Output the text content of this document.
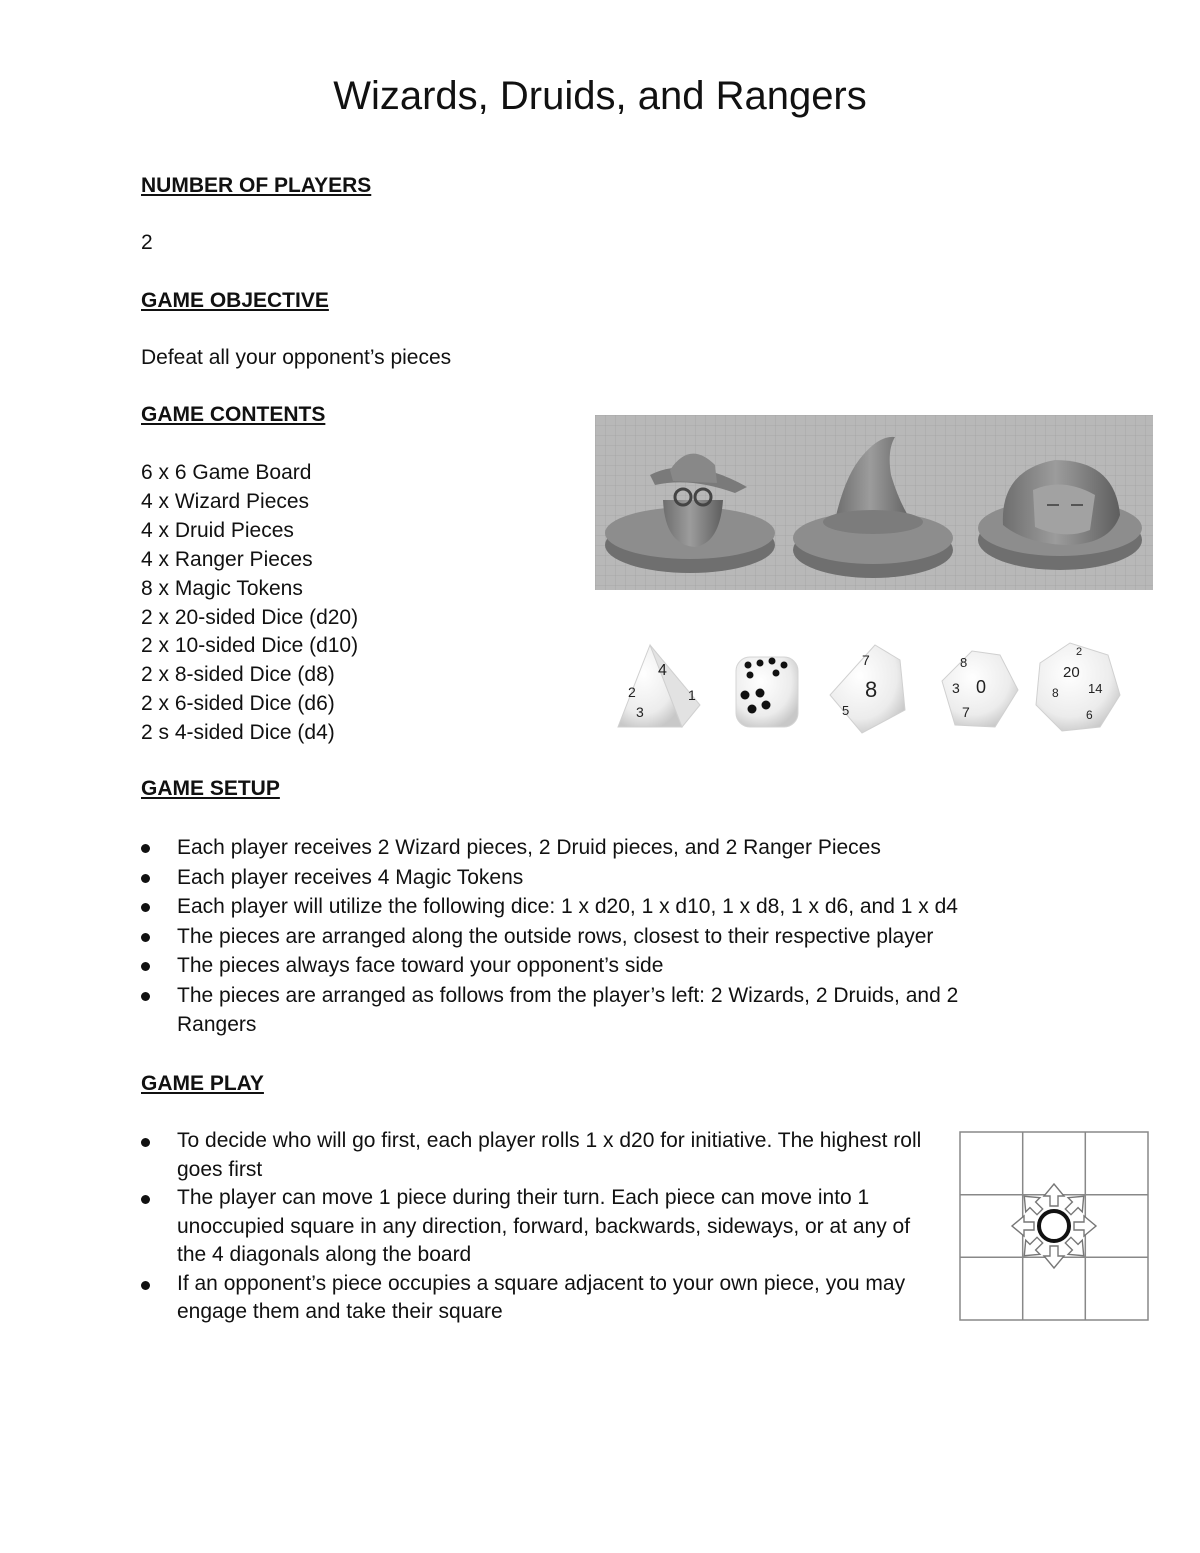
Wizards, Druids, and Rangers
NUMBER OF PLAYERS

2

GAME OBJECTIVE

Defeat all your opponent’s pieces

GAME CONTENTS
6 x 6 Game Board
4 x Wizard Pieces
4 x Druid Pieces
4 x Ranger Pieces
8 x Magic Tokens
2 x 20-sided Dice (d20)
2 x 10-sided Dice (d10)
2 x 8-sided Dice (d8)
2 x 6-sided Dice (d6)
2 s 4-sided Dice (d4)
4
3
2	1	8
7
5
0
3
7
8
20
14
8
6
2
GAME SETUP
Each player receives 2 Wizard pieces, 2 Druid pieces, and 2 Ranger Pieces
Each player receives 4 Magic Tokens
Each player will utilize the following dice: 1 x d20, 1 x d10, 1 x d8, 1 x d6, and 1 x d4
The pieces are arranged along the outside rows, closest to their respective player
The pieces always face toward your opponent’s side
The pieces are arranged as follows from the player’s left: 2 Wizards, 2 Druids, and 2 Rangers
GAME PLAY
To decide who will go first, each player rolls 1 x d20 for initiative. The highest roll goes first
The player can move 1 piece during their turn. Each piece can move into 1 unoccupied square in any direction, forward, backwards, sideways, or at any of the 4 diagonals along the board
If an opponent’s piece occupies a square adjacent to your own piece, you may engage them and take their square
